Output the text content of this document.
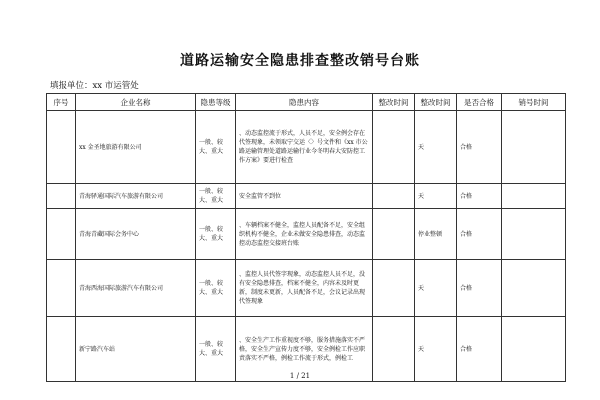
道路运输安全隐患排查整改销号台账
填报单位：xx 市运管处
序号	企业名称	隐患等级	隐患内容	整改时间	整改时间	是否合格	销号时间
	xx 金圣地旅游有限公司	一般、较大、重大	、动态监控流于形式，人员不足，安全例会存在代签现象，未领取宁交运〈〉号文件和《xx 市公路运输管理处道路运输行业今冬明春大安防控工作方案》要进行检查		天	合格	
	青海驿通国际汽车旅游有限公司	一般、较大、重大	安全监管不到位		天	合格	
	青海青藏国际会务中心	一般、较大、重大	、车辆档案不健全，监控人员配备不足，安全组织机构不健全，企业未做安全隐患排查，动态监控动态监控交接班台账		停业整顿	合格	
	青海西海国际旅游汽车有限公司	一般、较大、重大	、监控人员代签字现象，动态监控人员不足，没有安全隐患排查，档案不健全，内容未及时更新，制度未更新，人员配备不足，会议记录出现代签现象		天	合格	
	新宁路汽车站	一般、较大、重大	、安全生产工作重视度不够，服务措施落实不严格，安全生产宣传力度不够，安全例检工作应职责落实不严格，例检工作流于形式，例检工		天	合格	
1 / 21
